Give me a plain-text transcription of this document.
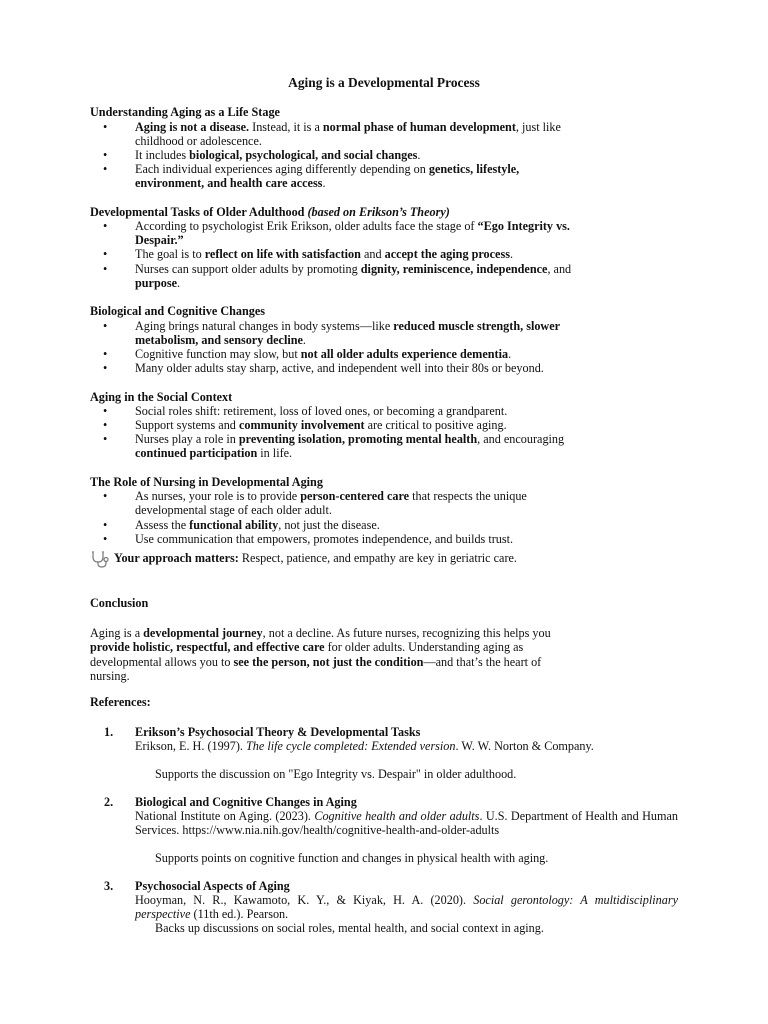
Aging is a Developmental Process
Understanding Aging as a Life Stage
• Aging is not a disease. Instead, it is a normal phase of human development, just like
childhood or adolescence.
• It includes biological, psychological, and social changes.
• Each individual experiences aging differently depending on genetics, lifestyle,
environment, and health care access.
Developmental Tasks of Older Adulthood (based on Erikson’s Theory)
• According to psychologist Erik Erikson, older adults face the stage of “Ego Integrity vs.
Despair.”
• The goal is to reflect on life with satisfaction and accept the aging process.
• Nurses can support older adults by promoting dignity, reminiscence, independence, and
purpose.
Biological and Cognitive Changes
• Aging brings natural changes in body systems—like reduced muscle strength, slower
metabolism, and sensory decline.
• Cognitive function may slow, but not all older adults experience dementia.
• Many older adults stay sharp, active, and independent well into their 80s or beyond.
Aging in the Social Context
• Social roles shift: retirement, loss of loved ones, or becoming a grandparent.
• Support systems and community involvement are critical to positive aging.
• Nurses play a role in preventing isolation, promoting mental health, and encouraging
continued participation in life.
The Role of Nursing in Developmental Aging
• As nurses, your role is to provide person-centered care that respects the unique
developmental stage of each older adult.
• Assess the functional ability, not just the disease.
• Use communication that empowers, promotes independence, and builds trust.
Your approach matters: Respect, patience, and empathy are key in geriatric care.
Conclusion
Aging is a developmental journey, not a decline. As future nurses, recognizing this helps you
provide holistic, respectful, and effective care for older adults. Understanding aging as
developmental allows you to see the person, not just the condition—and that’s the heart of
nursing.
References:
1. Erikson’s Psychosocial Theory & Developmental Tasks
Erikson, E. H. (1997). The life cycle completed: Extended version. W. W. Norton & Company.
Supports the discussion on "Ego Integrity vs. Despair" in older adulthood.
2. Biological and Cognitive Changes in Aging
National Institute on Aging. (2023). Cognitive health and older adults. U.S. Department of Health and Human Services. https://www.nia.nih.gov/health/cognitive-health-and-older-adults
Supports points on cognitive function and changes in physical health with aging.
3. Psychosocial Aspects of Aging
Hooyman, N. R., Kawamoto, K. Y., & Kiyak, H. A. (2020). Social gerontology: A multidisciplinary perspective (11th ed.). Pearson.
Backs up discussions on social roles, mental health, and social context in aging.
